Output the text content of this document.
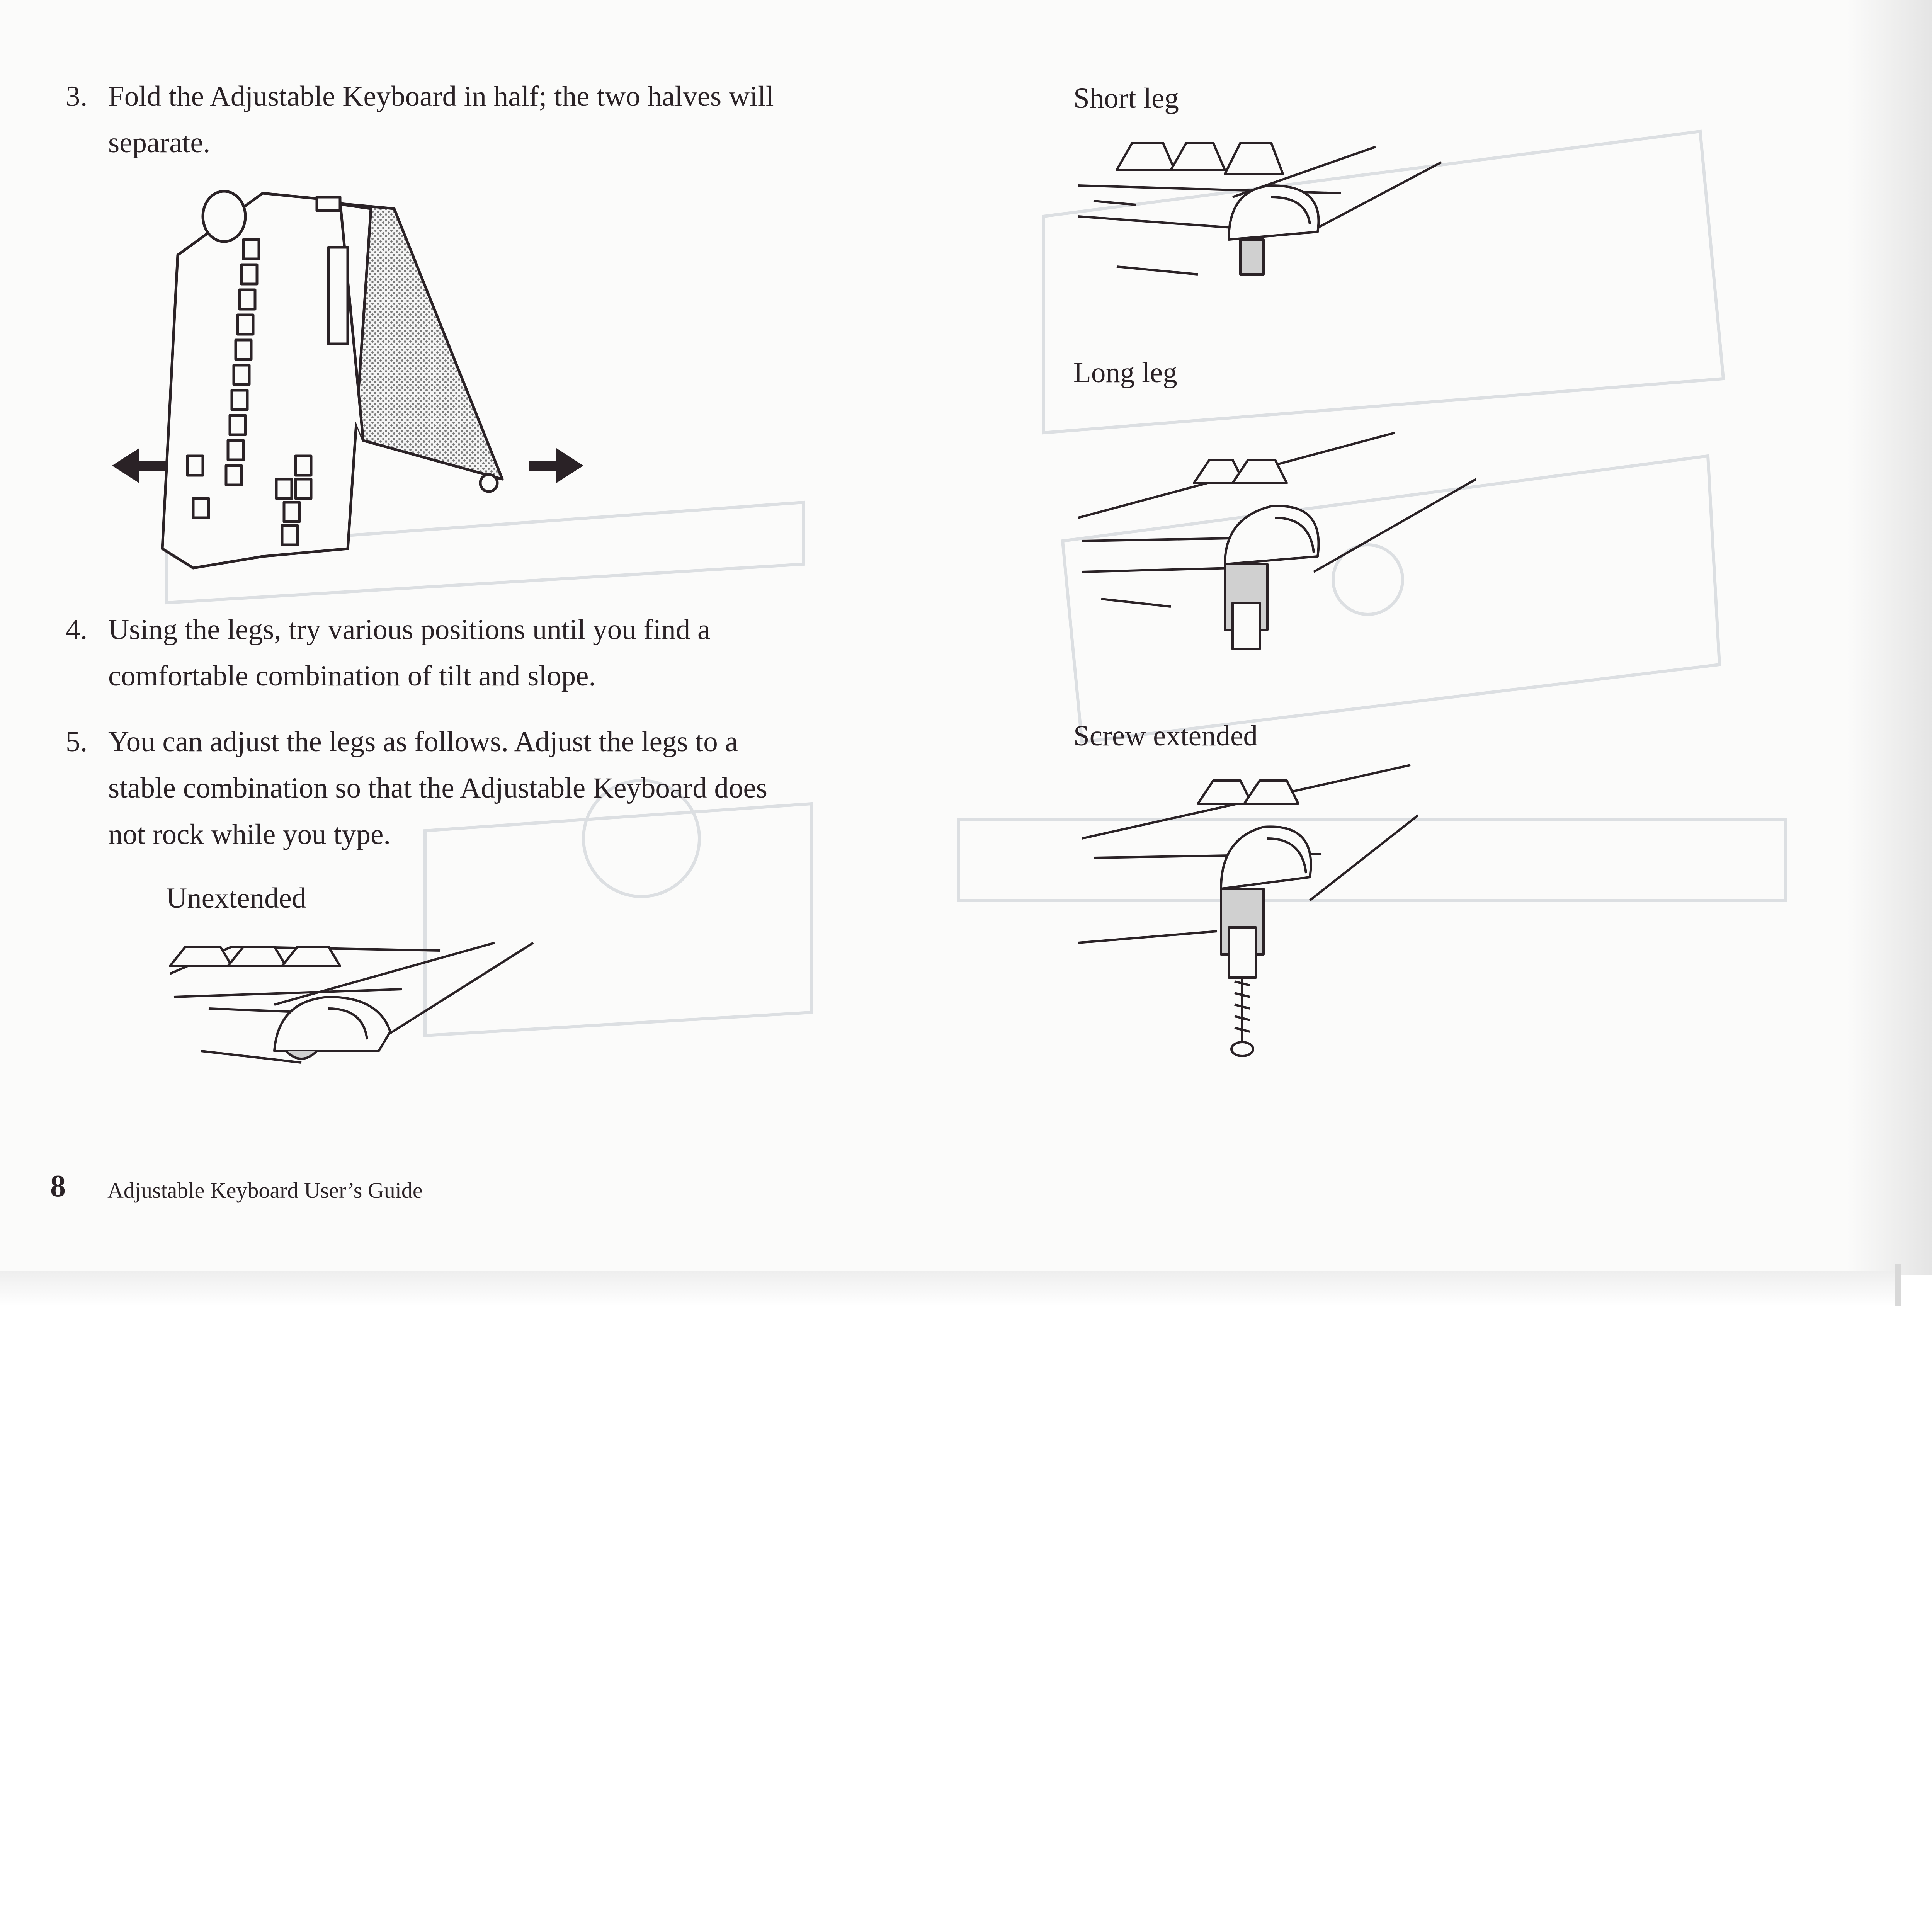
3. Fold the Adjustable Keyboard in half; the two halves will
separate.
4. Using the legs, try various positions until you find a
comfortable combination of tilt and slope.
5. You can adjust the legs as follows. Adjust the legs to a
stable combination so that the Adjustable Keyboard does
not rock while you type.
Unextended
Short leg
Long leg
Screw extended
8 Adjustable Keyboard User’s Guide
